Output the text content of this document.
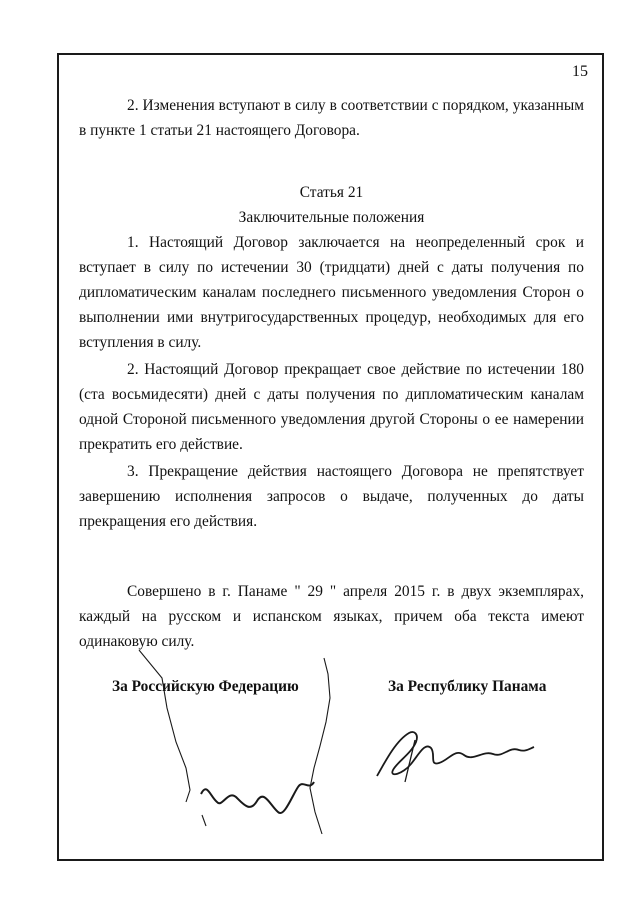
15

2. Изменения вступают в силу в соответствии с порядком, указанным в пункте 1 статьи 21 настоящего Договора.

Статья 21

Заключительные положения

1. Настоящий Договор заключается на неопределенный срок и вступает в силу по истечении 30 (тридцати) дней с даты получения по дипломатическим каналам последнего письменного уведомления Сторон о выполнении ими внутригосударственных процедур, необходимых для его вступления в силу.

2. Настоящий Договор прекращает свое действие по истечении 180 (ста восьмидесяти) дней с даты получения по дипломатическим каналам одной Стороной письменного уведомления другой Стороны о ее намерении прекратить его действие.

3. Прекращение действия настоящего Договора не препятствует завершению исполнения запросов о выдаче, полученных до даты прекращения его действия.

Совершено в г. Панаме " 29 " апреля 2015 г. в двух экземплярах, каждый на русском и испанском языках, причем оба текста имеют одинаковую силу.

За Российскую Федерацию	За Республику Панама
